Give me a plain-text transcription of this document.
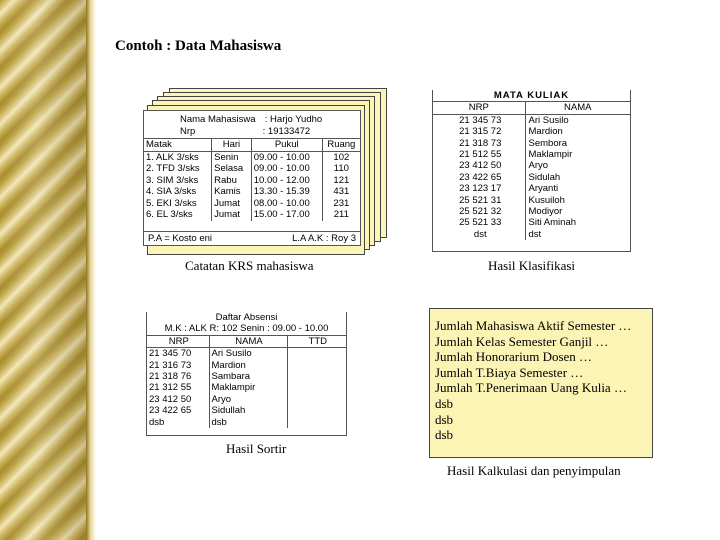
Contoh : Data Mahasiswa
Nama Mahasiswa : Harjo Yudho
Nrp	: 19133472
Matak	Hari	Pukul	Ruang
1. ALK 3/sks	Senin	09.00 - 10.00	102
2. TFD 3/sks	Selasa	09.00 - 10.00	110
3. SIM 3/sks	Rabu	10.00 - 12.00	121
4. SIA 3/sks	Kamis	13.30 - 15.39	431
5. EKI 3/sks	Jumat	08.00 - 10.00	231
6. EL 3/sks	Jumat	15.00 - 17.00	211
P.A = Kosto eni	L.A A.K : Roy 3
Catatan KRS mahasiswa
MATA KULIAK
NRP	NAMA
21 345 73	Ari Susilo
21 315 72	Mardion
21 318 73	Sembora
21 512 55	Maklampir
23 412 50	Aryo
23 422 65	Sidulah
23 123 17	Aryanti
25 521 31	Kusuiloh
25 521 32	Modiyor
25 521 33	Siti Aminah
dst	dst
Hasil Klasifikasi
Daftar Absensi
M.K : ALK R: 102 Senin : 09.00 - 10.00
NRP	NAMA	TTD
21 345 70	Ari Susilo	
21 316 73	Mardion	
21 318 76	Sambara	
21 312 55	Maklampir	
23 412 50	Aryo	
23 422 65	Sidullah	
dsb	dsb	
Hasil Sortir
Jumlah Mahasiswa Aktif Semester …
Jumlah Kelas Semester Ganjil …
Jumlah Honorarium Dosen …
Jumlah T.Biaya Semester …
Jumlah T.Penerimaan Uang Kulia …
dsb
dsb
dsb
Hasil Kalkulasi dan penyimpulan
